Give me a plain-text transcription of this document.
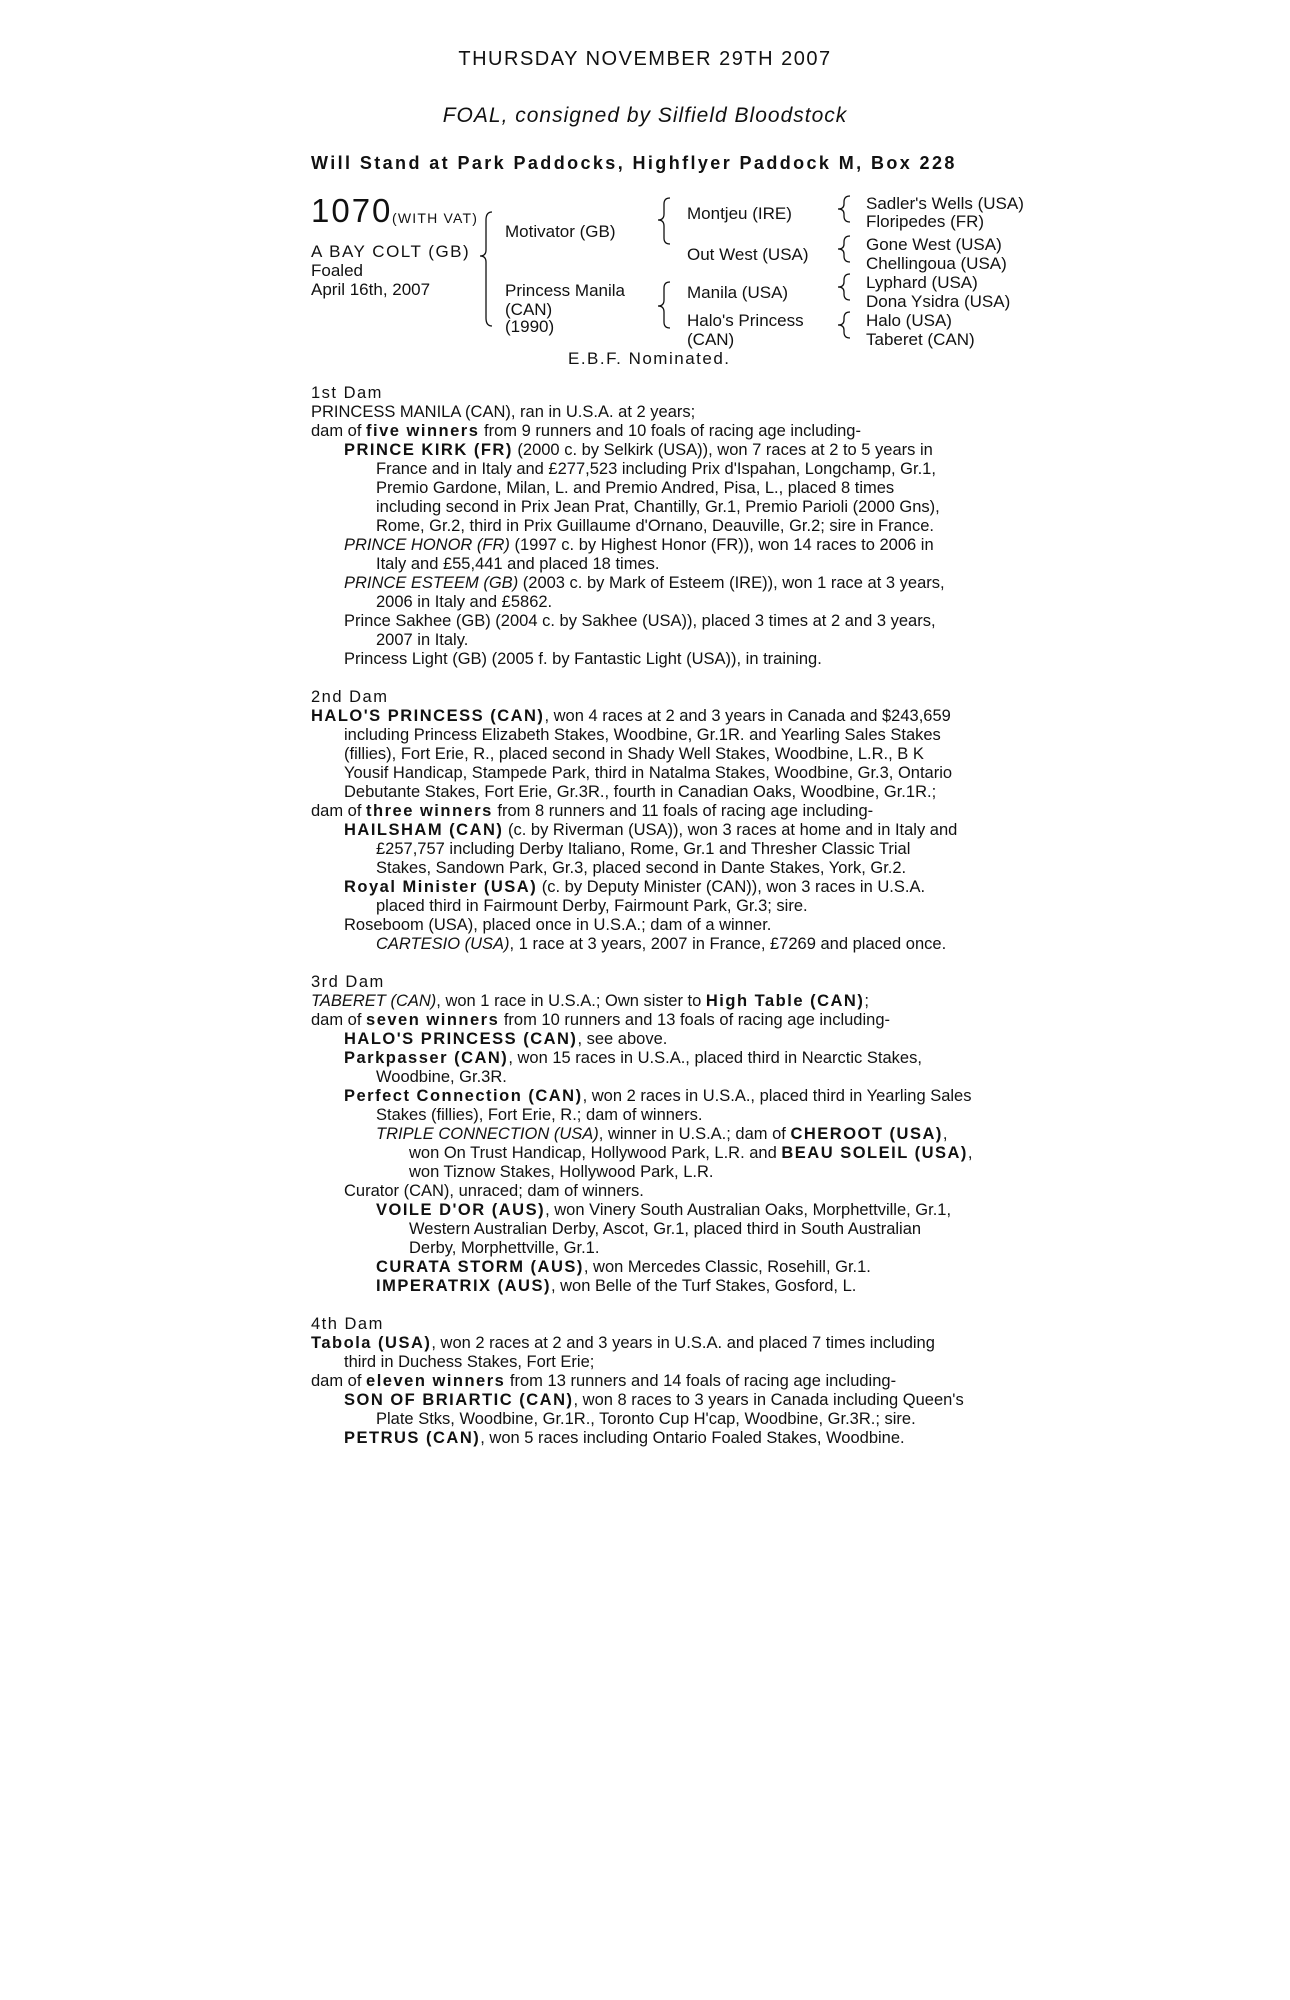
THURSDAY NOVEMBER 29TH 2007
FOAL, consigned by Silfield Bloodstock
Will Stand at Park Paddocks, Highflyer Paddock M, Box 228
1070 (WITH VAT)
A BAY COLT (GB)
Foaled
April 16th, 2007
Motivator (GB)
Princess Manila
(CAN)
(1990)
Montjeu (IRE)
Out West (USA)
Manila (USA)
Halo's Princess
(CAN)
Sadler's Wells (USA)
Floripedes (FR)
Gone West (USA)
Chellingoua (USA)
Lyphard (USA)
Dona Ysidra (USA)
Halo (USA)
Taberet (CAN)
E.B.F. Nominated.
1st Dam
PRINCESS MANILA (CAN), ran in U.S.A. at 2 years;
dam of five winners from 9 runners and 10 foals of racing age including-
PRINCE KIRK (FR) (2000 c. by Selkirk (USA)), won 7 races at 2 to 5 years in
France and in Italy and £277,523 including Prix d'Ispahan, Longchamp, Gr.1,
Premio Gardone, Milan, L. and Premio Andred, Pisa, L., placed 8 times
including second in Prix Jean Prat, Chantilly, Gr.1, Premio Parioli (2000 Gns),
Rome, Gr.2, third in Prix Guillaume d'Ornano, Deauville, Gr.2; sire in France.
PRINCE HONOR (FR) (1997 c. by Highest Honor (FR)), won 14 races to 2006 in
Italy and £55,441 and placed 18 times.
PRINCE ESTEEM (GB) (2003 c. by Mark of Esteem (IRE)), won 1 race at 3 years,
2006 in Italy and £5862.
Prince Sakhee (GB) (2004 c. by Sakhee (USA)), placed 3 times at 2 and 3 years,
2007 in Italy.
Princess Light (GB) (2005 f. by Fantastic Light (USA)), in training.
2nd Dam
HALO'S PRINCESS (CAN), won 4 races at 2 and 3 years in Canada and $243,659
including Princess Elizabeth Stakes, Woodbine, Gr.1R. and Yearling Sales Stakes
(fillies), Fort Erie, R., placed second in Shady Well Stakes, Woodbine, L.R., B K
Yousif Handicap, Stampede Park, third in Natalma Stakes, Woodbine, Gr.3, Ontario
Debutante Stakes, Fort Erie, Gr.3R., fourth in Canadian Oaks, Woodbine, Gr.1R.;
dam of three winners from 8 runners and 11 foals of racing age including-
HAILSHAM (CAN) (c. by Riverman (USA)), won 3 races at home and in Italy and
£257,757 including Derby Italiano, Rome, Gr.1 and Thresher Classic Trial
Stakes, Sandown Park, Gr.3, placed second in Dante Stakes, York, Gr.2.
Royal Minister (USA) (c. by Deputy Minister (CAN)), won 3 races in U.S.A.
placed third in Fairmount Derby, Fairmount Park, Gr.3; sire.
Roseboom (USA), placed once in U.S.A.; dam of a winner.
CARTESIO (USA), 1 race at 3 years, 2007 in France, £7269 and placed once.
3rd Dam
TABERET (CAN), won 1 race in U.S.A.; Own sister to High Table (CAN);
dam of seven winners from 10 runners and 13 foals of racing age including-
HALO'S PRINCESS (CAN), see above.
Parkpasser (CAN), won 15 races in U.S.A., placed third in Nearctic Stakes,
Woodbine, Gr.3R.
Perfect Connection (CAN), won 2 races in U.S.A., placed third in Yearling Sales
Stakes (fillies), Fort Erie, R.; dam of winners.
TRIPLE CONNECTION (USA), winner in U.S.A.; dam of CHEROOT (USA),
won On Trust Handicap, Hollywood Park, L.R. and BEAU SOLEIL (USA),
won Tiznow Stakes, Hollywood Park, L.R.
Curator (CAN), unraced; dam of winners.
VOILE D'OR (AUS), won Vinery South Australian Oaks, Morphettville, Gr.1,
Western Australian Derby, Ascot, Gr.1, placed third in South Australian
Derby, Morphettville, Gr.1.
CURATA STORM (AUS), won Mercedes Classic, Rosehill, Gr.1.
IMPERATRIX (AUS), won Belle of the Turf Stakes, Gosford, L.
4th Dam
Tabola (USA), won 2 races at 2 and 3 years in U.S.A. and placed 7 times including
third in Duchess Stakes, Fort Erie;
dam of eleven winners from 13 runners and 14 foals of racing age including-
SON OF BRIARTIC (CAN), won 8 races to 3 years in Canada including Queen's
Plate Stks, Woodbine, Gr.1R., Toronto Cup H'cap, Woodbine, Gr.3R.; sire.
PETRUS (CAN), won 5 races including Ontario Foaled Stakes, Woodbine.
